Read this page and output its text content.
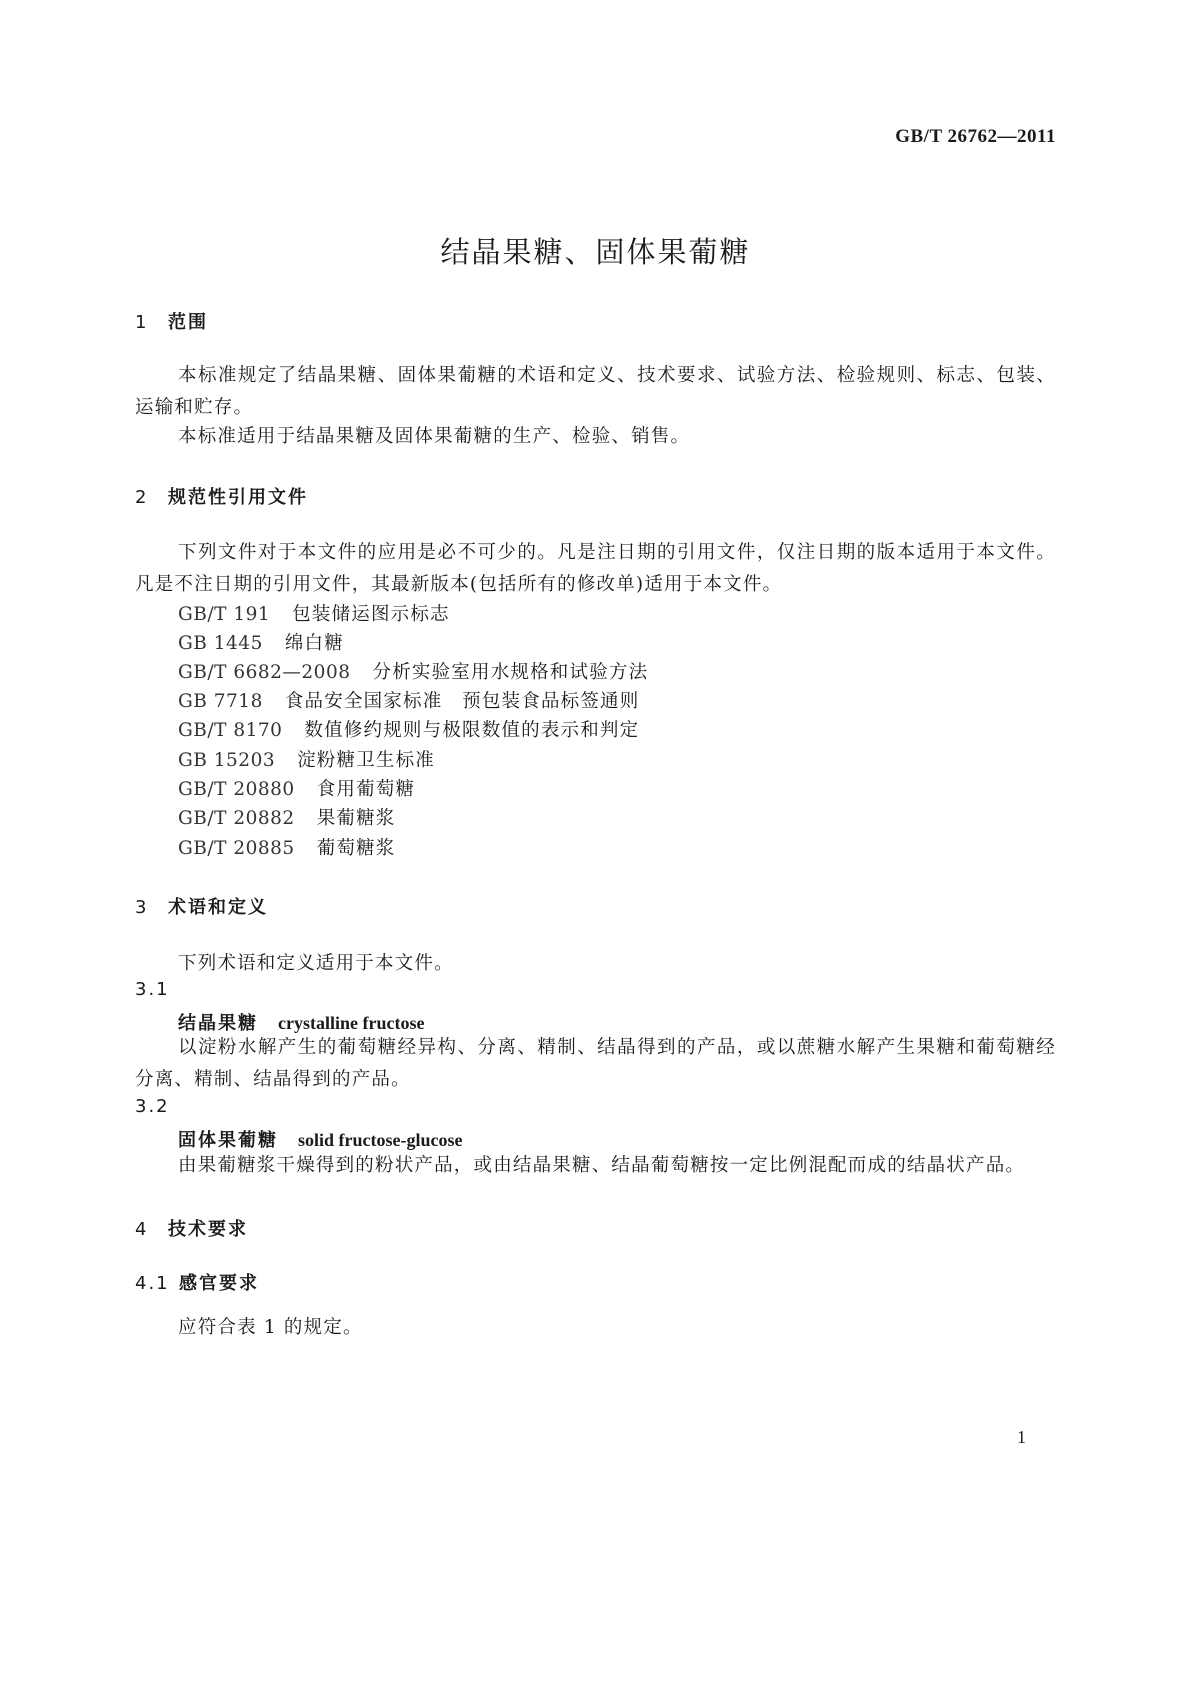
GB/T 26762—2011
结晶果糖、固体果葡糖
1 范围
本标准规定了结晶果糖、固体果葡糖的术语和定义、技术要求、试验方法、检验规则、标志、包装、运输和贮存。
本标准适用于结晶果糖及固体果葡糖的生产、检验、销售。
2 规范性引用文件
下列文件对于本文件的应用是必不可少的。凡是注日期的引用文件，仅注日期的版本适用于本文件。凡是不注日期的引用文件，其最新版本(包括所有的修改单)适用于本文件。
GB/T 191 包装储运图示标志
GB 1445 绵白糖
GB/T 6682—2008 分析实验室用水规格和试验方法
GB 7718 食品安全国家标准　预包装食品标签通则
GB/T 8170 数值修约规则与极限数值的表示和判定
GB 15203 淀粉糖卫生标准
GB/T 20880 食用葡萄糖
GB/T 20882 果葡糖浆
GB/T 20885 葡萄糖浆
3 术语和定义
下列术语和定义适用于本文件。
3.1
结晶果糖 crystalline fructose
以淀粉水解产生的葡萄糖经异构、分离、精制、结晶得到的产品，或以蔗糖水解产生果糖和葡萄糖经分离、精制、结晶得到的产品。
3.2
固体果葡糖 solid fructose-glucose
由果葡糖浆干燥得到的粉状产品，或由结晶果糖、结晶葡萄糖按一定比例混配而成的结晶状产品。
4 技术要求
4.1 感官要求
应符合表 1 的规定。
1
